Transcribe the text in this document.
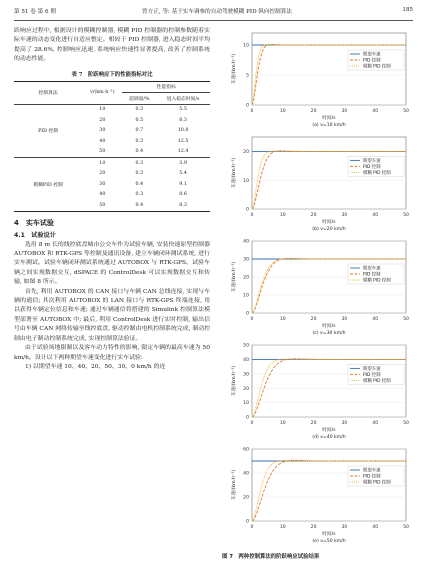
第 51 卷 第 6 期	曾方正, 等: 基于实车调参的自动驾驶模糊 PID 纵向控制算法	185

跃响应过程中, 根据设计的模糊控制器, 模糊 PID 控制器的控制参数随着实际车速的动态变化进行自适应整定。相较于 PID 控制器, 进入稳态时间平均提高了 28.6%, 控制响应迅速, 系统响应快速性显著提高, 改善了控制系统的动态性能。

表 7　阶跃响应下的性能指标对比
控制算法	v/(km·h⁻¹)	性能指标	
		超调量/%	进入稳态时间/s
PID 控制	10	0.3	5.5
	20	0.5	8.3
	30	0.7	10.8
	40	0.3	12.5
	50	0.4	12.4
模糊PID 控制	10	0.3	3.9
	20	0.3	5.4
	30	0.4	9.1
	40	0.3	8.6
	50	0.4	8.3
4　实车试验
4.1　试验设计

选用 8 m 长的线控底盘城市公交车作为试验车辆, 安装快速原型控制器 AUTOBOX 和 RTK-GPS 等控制及通讯设备, 建立车辆闭环测试系统, 进行实车测试。试验车辆闭环测试系统通过 AUTOBOX 与 RTK-GPS、试验车辆之间实现数据交互, dSPACE 的 ControlDesk 可以实现数据交互和传输, 如图 8 所示。

首先, 利用 AUTOBOX 的 CAN 接口与车辆 CAN 总线连接, 实现与车辆的通信; 其次利用 AUTOBOX 的 LAN 接口与 RTK-GPS 终端连接, 用以获得车辆定位信息和车速; 通过车辆通信将搭建的 Simulink 控制算法模型部署至 AUTOBOX 中; 最后, 利用 ControlDesk 进行实时控制, 输出信号由车辆 CAN 网络传输至线控底盘, 驱动控制由电机控制系统完成, 制动控制由电子制动控制系统完成, 实现控制算法验证。

由于试验场地限制以及客车动力特性的影响, 限定车辆的最高车速为 50 km/h。设计以下两种期望车速变化进行实车试验:

1) 以期望车速 10、40、20、50、30、0 km/h 的连

0
5
10
0	10	20	30	40	50
车速/(km·h⁻¹)
时间/s
(a) v=10 km/h
期望车速
PID 控制
模糊 PID 控制
0
10
20
0	10	20	30	40	50
车速/(km·h⁻¹)
时间/s
(b) v=20 km/h
期望车速
PID 控制
模糊 PID 控制
0
10
20
30
40
0	10	20	30	40	50
车速/(km·h⁻¹)
时间/s
(c) v=30 km/h
期望车速
PID 控制
模糊 PID 控制
0
10
20
30
40
50
0	10	20	30	40	50
车速/(km·h⁻¹)
时间/s
(d) v=40 km/h
期望车速
PID 控制
模糊 PID 控制
0
20
40
60
0	10	20	30	40	50
车速/(km·h⁻¹)
时间/s
(e) v=50 km/h
期望车速
PID 控制
模糊 PID 控制
图 7　两种控制算法的阶跃响应试验结果
